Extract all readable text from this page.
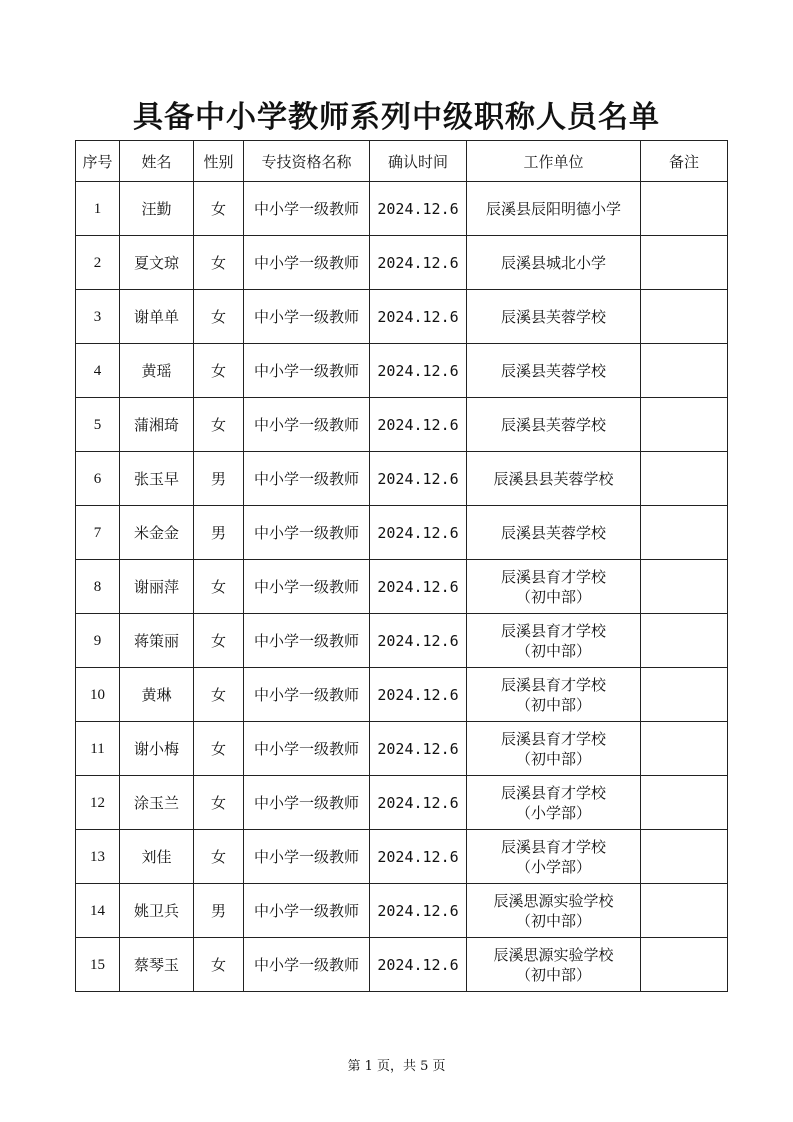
具备中小学教师系列中级职称人员名单
序号	姓名	性别	专技资格名称	确认时间	工作单位	备注
1	汪勤	女	中小学一级教师	2024.12.6	辰溪县辰阳明德小学	

2	夏文琼	女	中小学一级教师	2024.12.6	辰溪县城北小学	

3	谢单单	女	中小学一级教师	2024.12.6	辰溪县芙蓉学校	

4	黄瑶	女	中小学一级教师	2024.12.6	辰溪县芙蓉学校	

5	蒲湘琦	女	中小学一级教师	2024.12.6	辰溪县芙蓉学校	

6	张玉早	男	中小学一级教师	2024.12.6	辰溪县县芙蓉学校	

7	米金金	男	中小学一级教师	2024.12.6	辰溪县芙蓉学校	

8	谢丽萍	女	中小学一级教师	2024.12.6	辰溪县育才学校
（初中部）	

9	蒋策丽	女	中小学一级教师	2024.12.6	辰溪县育才学校
（初中部）	

10	黄琳	女	中小学一级教师	2024.12.6	辰溪县育才学校
（初中部）	

11	谢小梅	女	中小学一级教师	2024.12.6	辰溪县育才学校
（初中部）	

12	涂玉兰	女	中小学一级教师	2024.12.6	辰溪县育才学校
（小学部）	

13	刘佳	女	中小学一级教师	2024.12.6	辰溪县育才学校
（小学部）	

14	姚卫兵	男	中小学一级教师	2024.12.6	辰溪思源实验学校
（初中部）	

15	蔡琴玉	女	中小学一级教师	2024.12.6	辰溪思源实验学校
（初中部）	

第 1 页，共 5 页
